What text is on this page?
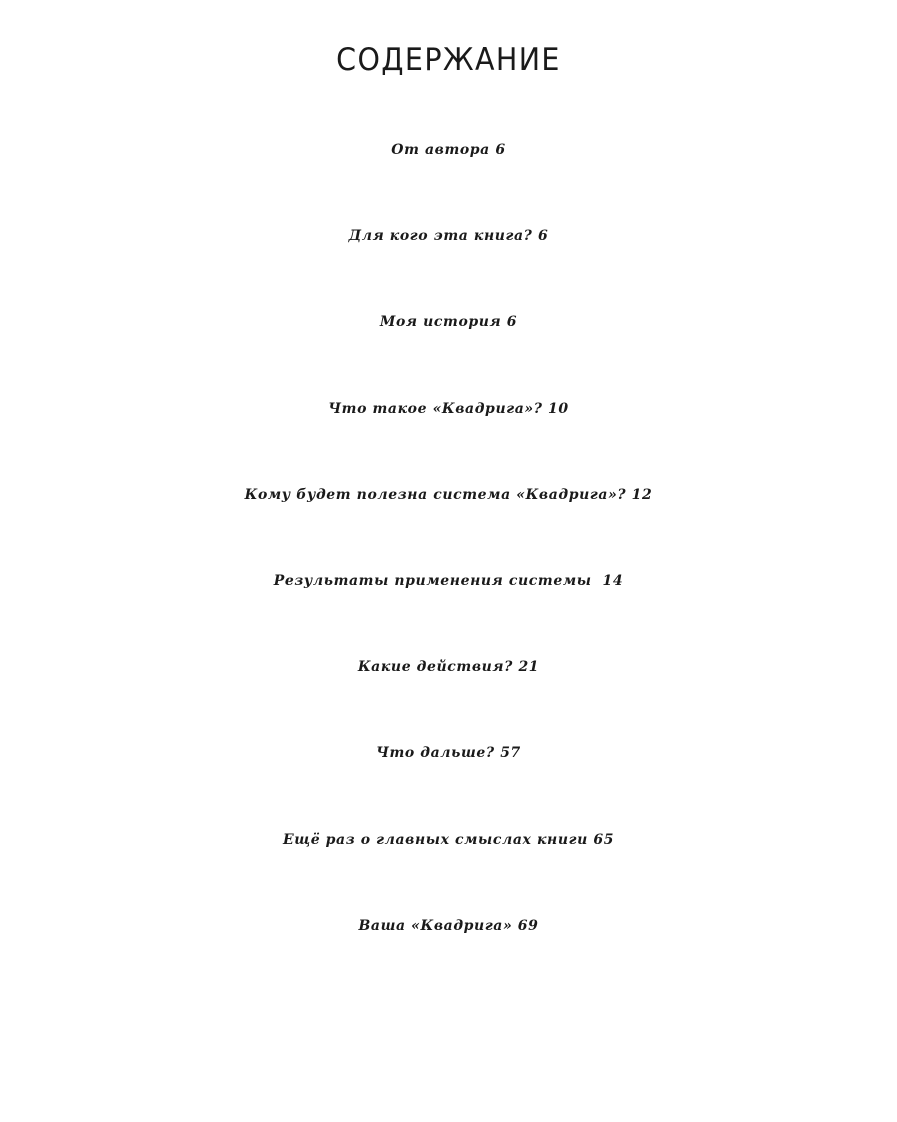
СОДЕРЖАНИЕ
От автора 6
Для кого эта книга? 6
Моя история 6
Что такое «Квадрига»? 10
Кому будет полезна система «Квадрига»? 12
Результаты применения системы  14
Какие действия? 21
Что дальше? 57
Ещё раз о главных смыслах книги 65
Ваша «Квадрига» 69
